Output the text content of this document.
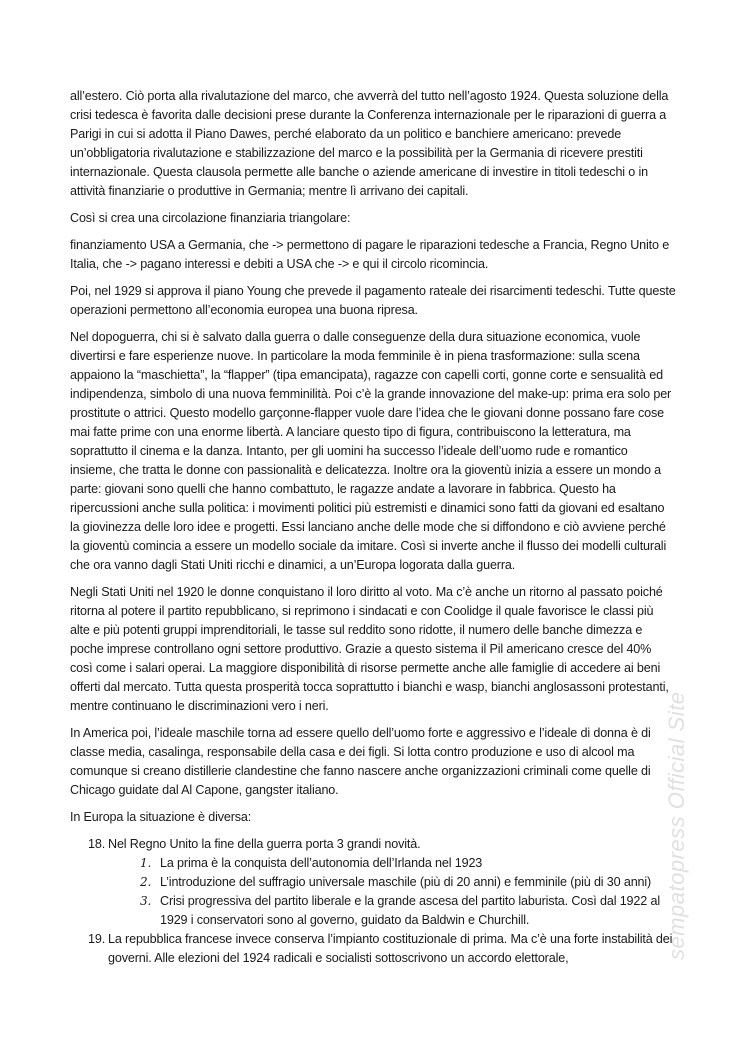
all’estero. Ciò porta alla rivalutazione del marco, che avverrà del tutto nell’agosto 1924. Questa soluzione della crisi tedesca è favorita dalle decisioni prese durante la Conferenza internazionale per le riparazioni di guerra a Parigi in cui si adotta il Piano Dawes, perché elaborato da un politico e banchiere americano: prevede un’obbligatoria rivalutazione e stabilizzazione del marco e la possibilità per la Germania di ricevere prestiti internazionale. Questa clausola permette alle banche o aziende americane di investire in titoli tedeschi o in attività finanziarie o produttive in Germania; mentre lì arrivano dei capitali.

Così si crea una circolazione finanziaria triangolare:

finanziamento USA a Germania, che -> permettono di pagare le riparazioni tedesche a Francia, Regno Unito e Italia, che -> pagano interessi e debiti a USA che -> e qui il circolo ricomincia.

Poi, nel 1929 si approva il piano Young che prevede il pagamento rateale dei risarcimenti tedeschi. Tutte queste operazioni permettono all’economia europea una buona ripresa.

Nel dopoguerra, chi si è salvato dalla guerra o dalle conseguenze della dura situazione economica, vuole divertirsi e fare esperienze nuove. In particolare la moda femminile è in piena trasformazione: sulla scena appaiono la “maschietta”, la “flapper” (tipa emancipata), ragazze con capelli corti, gonne corte e sensualità ed indipendenza, simbolo di una nuova femminilità. Poi c’è la grande innovazione del make-up: prima era solo per prostitute o attrici. Questo modello garçonne-flapper vuole dare l’idea che le giovani donne possano fare cose mai fatte prime con una enorme libertà. A lanciare questo tipo di figura, contribuiscono la letteratura, ma soprattutto il cinema e la danza. Intanto, per gli uomini ha successo l’ideale dell’uomo rude e romantico insieme, che tratta le donne con passionalità e delicatezza. Inoltre ora la gioventù inizia a essere un mondo a parte: giovani sono quelli che hanno combattuto, le ragazze andate a lavorare in fabbrica. Questo ha ripercussioni anche sulla politica: i movimenti politici più estremisti e dinamici sono fatti da giovani ed esaltano la giovinezza delle loro idee e progetti. Essi lanciano anche delle mode che si diffondono e ciò avviene perché la gioventù comincia a essere un modello sociale da imitare. Così si inverte anche il flusso dei modelli culturali che ora vanno dagli Stati Uniti ricchi e dinamici, a un’Europa logorata dalla guerra.

Negli Stati Uniti nel 1920 le donne conquistano il loro diritto al voto. Ma c’è anche un ritorno al passato poiché ritorna al potere il partito repubblicano, si reprimono i sindacati e con Coolidge il quale favorisce le classi più alte e più potenti gruppi imprenditoriali, le tasse sul reddito sono ridotte, il numero delle banche dimezza e poche imprese controllano ogni settore produttivo. Grazie a questo sistema il Pil americano cresce del 40% così come i salari operai. La maggiore disponibilità di risorse permette anche alle famiglie di accedere ai beni offerti dal mercato. Tutta questa prosperità tocca soprattutto i bianchi e wasp, bianchi anglosassoni protestanti, mentre continuano le discriminazioni vero i neri.

In America poi, l’ideale maschile torna ad essere quello dell’uomo forte e aggressivo e l’ideale di donna è di classe media, casalinga, responsabile della casa e dei figli. Si lotta contro produzione e uso di alcool ma comunque si creano distillerie clandestine che fanno nascere anche organizzazioni criminali come quelle di Chicago guidate dal Al Capone, gangster italiano.

In Europa la situazione è diversa:

18. Nel Regno Unito la fine della guerra porta 3 grandi novità.
1. La prima è la conquista dell’autonomia dell’Irlanda nel 1923
2. L’introduzione del suffragio universale maschile (più di 20 anni) e femminile (più di 30 anni)
3. Crisi progressiva del partito liberale e la grande ascesa del partito laburista. Così dal 1922 al 1929 i conservatori sono al governo, guidato da Baldwin e Churchill.
19. La repubblica francese invece conserva l’impianto costituzionale di prima. Ma c’è una forte instabilità dei governi. Alle elezioni del 1924 radicali e socialisti sottoscrivono un accordo elettorale,	sempatopress Official Site
